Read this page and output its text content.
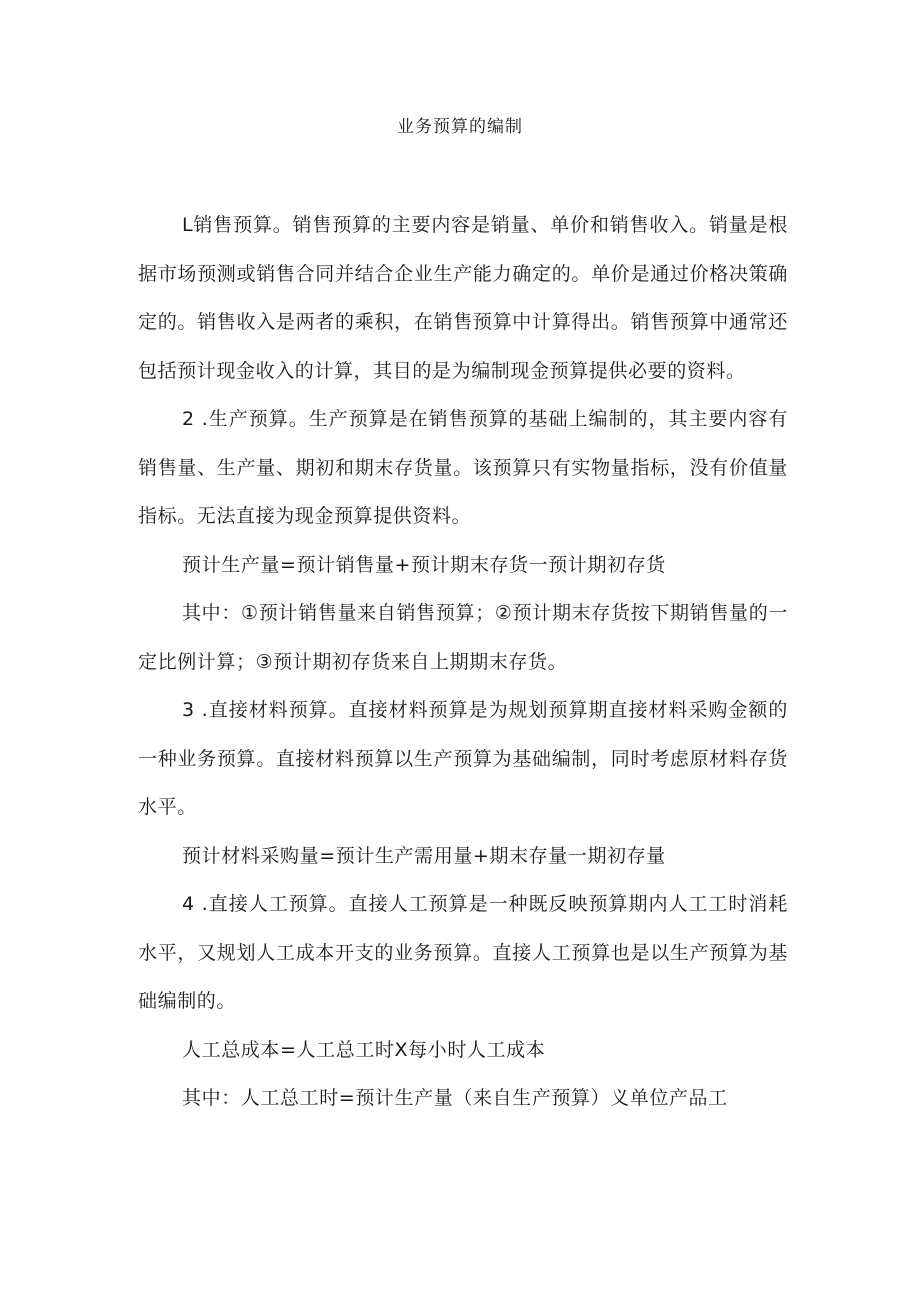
业务预算的编制

L销售预算。销售预算的主要内容是销量、单价和销售收入。销量是根据市场预测或销售合同并结合企业生产能力确定的。单价是通过价格决策确定的。销售收入是两者的乘积，在销售预算中计算得出。销售预算中通常还包括预计现金收入的计算，其目的是为编制现金预算提供必要的资料。

2 .生产预算。生产预算是在销售预算的基础上编制的，其主要内容有销售量、生产量、期初和期末存货量。该预算只有实物量指标，没有价值量指标。无法直接为现金预算提供资料。

预计生产量=预计销售量+预计期末存货一预计期初存货

其中：①预计销售量来自销售预算；②预计期末存货按下期销售量的一定比例计算；③预计期初存货来自上期期末存货。

3 .直接材料预算。直接材料预算是为规划预算期直接材料采购金额的一种业务预算。直接材料预算以生产预算为基础编制，同时考虑原材料存货水平。

预计材料采购量=预计生产需用量+期末存量一期初存量

4 .直接人工预算。直接人工预算是一种既反映预算期内人工工时消耗水平，又规划人工成本开支的业务预算。直接人工预算也是以生产预算为基础编制的。

人工总成本=人工总工时X每小时人工成本

其中：人工总工时=预计生产量（来自生产预算）义单位产品工
